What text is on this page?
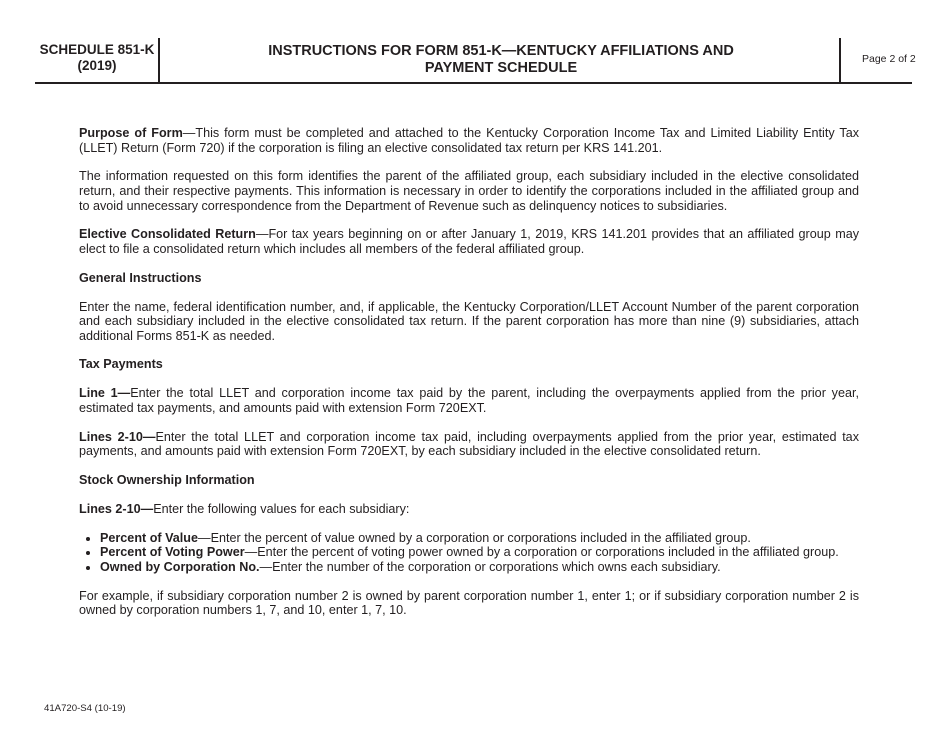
SCHEDULE 851-K
(2019)
INSTRUCTIONS FOR FORM 851-K—KENTUCKY AFFILIATIONS AND
PAYMENT SCHEDULE
Page 2 of 2

Purpose of Form—This form must be completed and attached to the Kentucky Corporation Income Tax and Limited Liability Entity Tax (LLET) Return (Form 720) if the corporation is filing an elective consolidated tax return per KRS 141.201.

The information requested on this form identifies the parent of the affiliated group, each subsidiary included in the elective consolidated return, and their respective payments. This information is necessary in order to identify the corporations included in the affiliated group and to avoid unnecessary correspondence from the Department of Revenue such as delinquency notices to subsidiaries.

Elective Consolidated Return—For tax years beginning on or after January 1, 2019, KRS 141.201 provides that an affiliated group may elect to file a consolidated return which includes all members of the federal affiliated group.

General Instructions

Enter the name, federal identification number, and, if applicable, the Kentucky Corporation/LLET Account Number of the parent corporation and each subsidiary included in the elective consolidated tax return. If the parent corporation has more than nine (9) subsidiaries, attach additional Forms 851-K as needed.

Tax Payments

Line 1—Enter the total LLET and corporation income tax paid by the parent, including the overpayments applied from the prior year, estimated tax payments, and amounts paid with extension Form 720EXT.

Lines 2-10—Enter the total LLET and corporation income tax paid, including overpayments applied from the prior year, estimated tax payments, and amounts paid with extension Form 720EXT, by each subsidiary included in the elective consolidated return.

Stock Ownership Information

Lines 2-10—Enter the following values for each subsidiary:

• Percent of Value—Enter the percent of value owned by a corporation or corporations included in the affiliated group.
• Percent of Voting Power—Enter the percent of voting power owned by a corporation or corporations included in the affiliated group.
• Owned by Corporation No.—Enter the number of the corporation or corporations which owns each subsidiary.

For example, if subsidiary corporation number 2 is owned by parent corporation number 1, enter 1; or if subsidiary corporation number 2 is owned by corporation numbers 1, 7, and 10, enter 1, 7, 10.

41A720-S4 (10-19)
